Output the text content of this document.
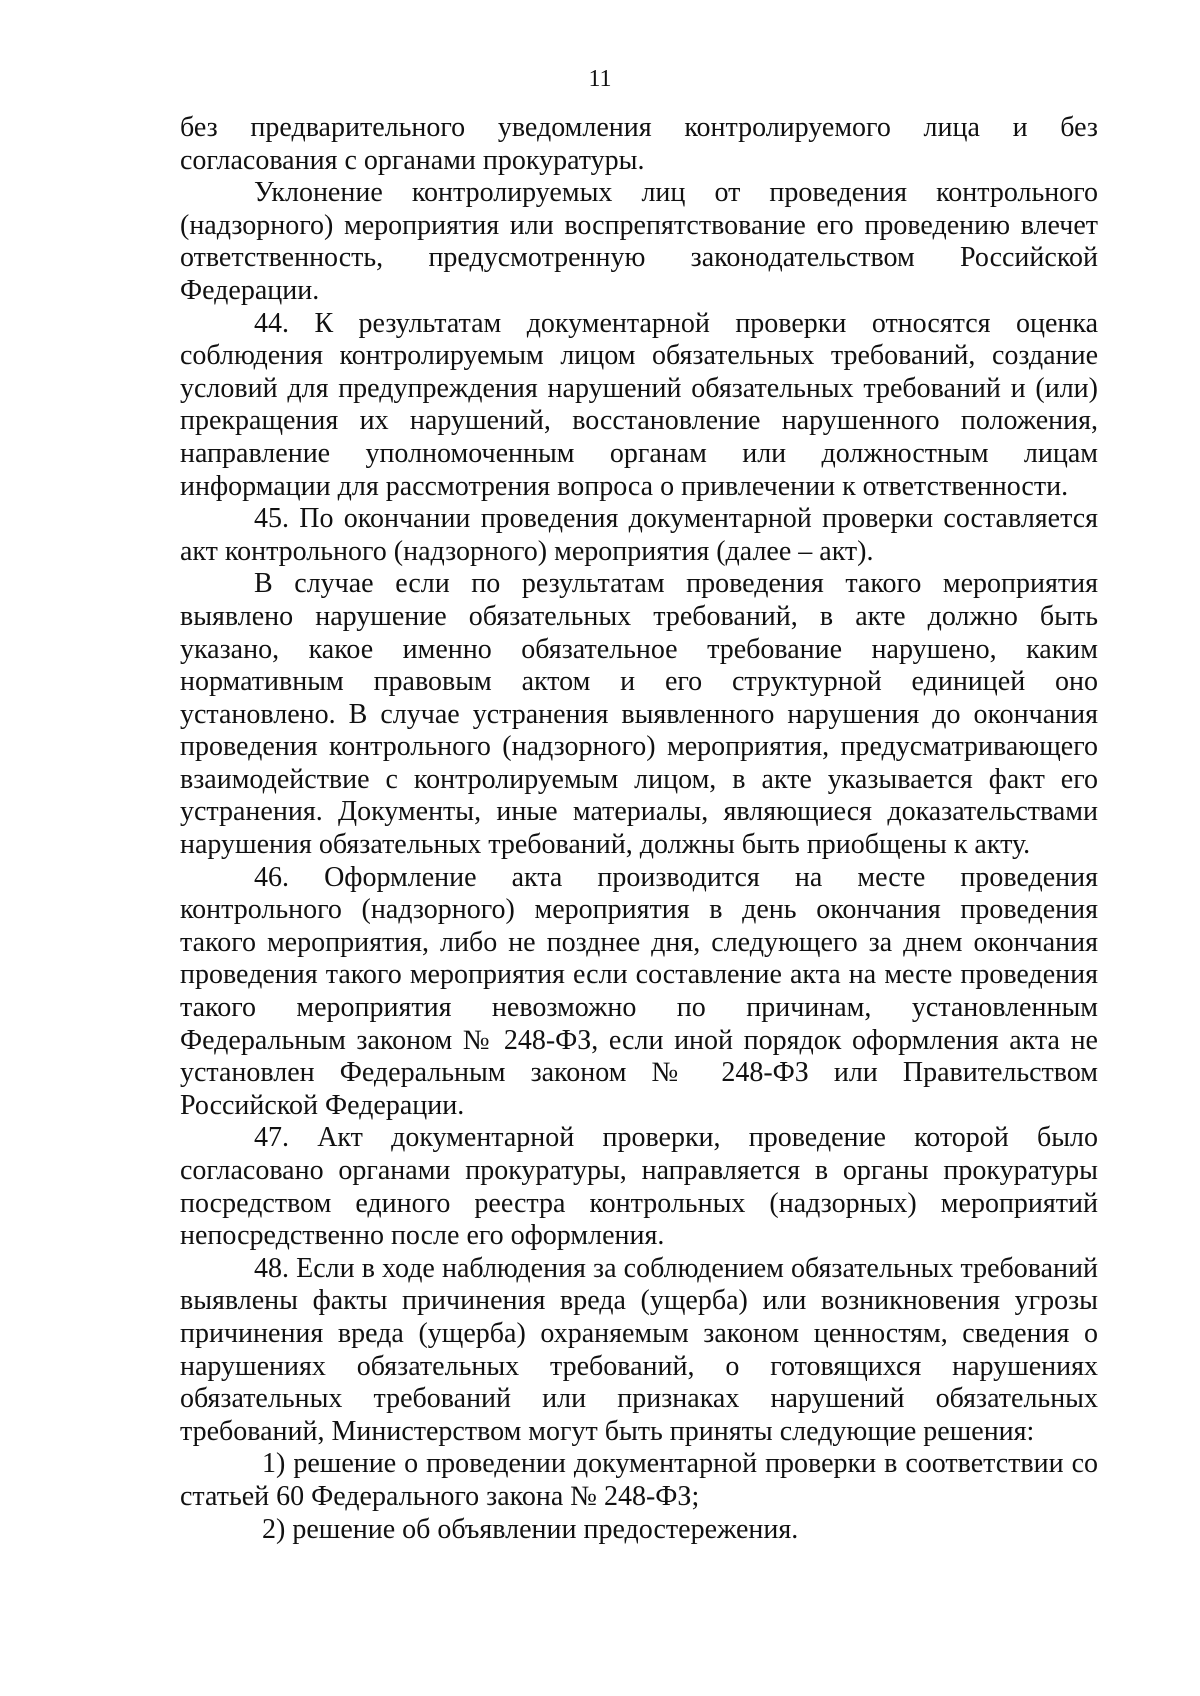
11

без предварительного уведомления контролируемого лица и без согласования с органами прокуратуры.

Уклонение контролируемых лиц от проведения контрольного (надзорного) мероприятия или воспрепятствование его проведению влечет ответственность, предусмотренную законодательством Российской Федерации.

44. К результатам документарной проверки относятся оценка соблюдения контролируемым лицом обязательных требований, создание условий для предупреждения нарушений обязательных требований и (или) прекращения их нарушений, восстановление нарушенного положения, направление уполномоченным органам или должностным лицам информации для рассмотрения вопроса о привлечении к ответственности.

45. По окончании проведения документарной проверки составляется акт контрольного (надзорного) мероприятия (далее – акт).

В случае если по результатам проведения такого мероприятия выявлено нарушение обязательных требований, в акте должно быть указано, какое именно обязательное требование нарушено, каким нормативным правовым актом и его структурной единицей оно установлено. В случае устранения выявленного нарушения до окончания проведения контрольного (надзорного) мероприятия, предусматривающего взаимодействие с контролируемым лицом, в акте указывается факт его устранения. Документы, иные материалы, являющиеся доказательствами нарушения обязательных требований, должны быть приобщены к акту.

46. Оформление акта производится на месте проведения контрольного (надзорного) мероприятия в день окончания проведения такого мероприятия, либо не позднее дня, следующего за днем окончания проведения такого мероприятия если составление акта на месте проведения такого мероприятия невозможно по причинам, установленным Федеральным законом № 248-ФЗ, если иной порядок оформления акта не установлен Федеральным законом № 248-ФЗ или Правительством Российской Федерации.

47. Акт документарной проверки, проведение которой было согласовано органами прокуратуры, направляется в органы прокуратуры посредством единого реестра контрольных (надзорных) мероприятий непосредственно после его оформления.

48. Если в ходе наблюдения за соблюдением обязательных требований выявлены факты причинения вреда (ущерба) или возникновения угрозы причинения вреда (ущерба) охраняемым законом ценностям, сведения о нарушениях обязательных требований, о готовящихся нарушениях обязательных требований или признаках нарушений обязательных требований, Министерством могут быть приняты следующие решения:

1) решение о проведении документарной проверки в соответствии со статьей 60 Федерального закона № 248-ФЗ;

2) решение об объявлении предостережения.
